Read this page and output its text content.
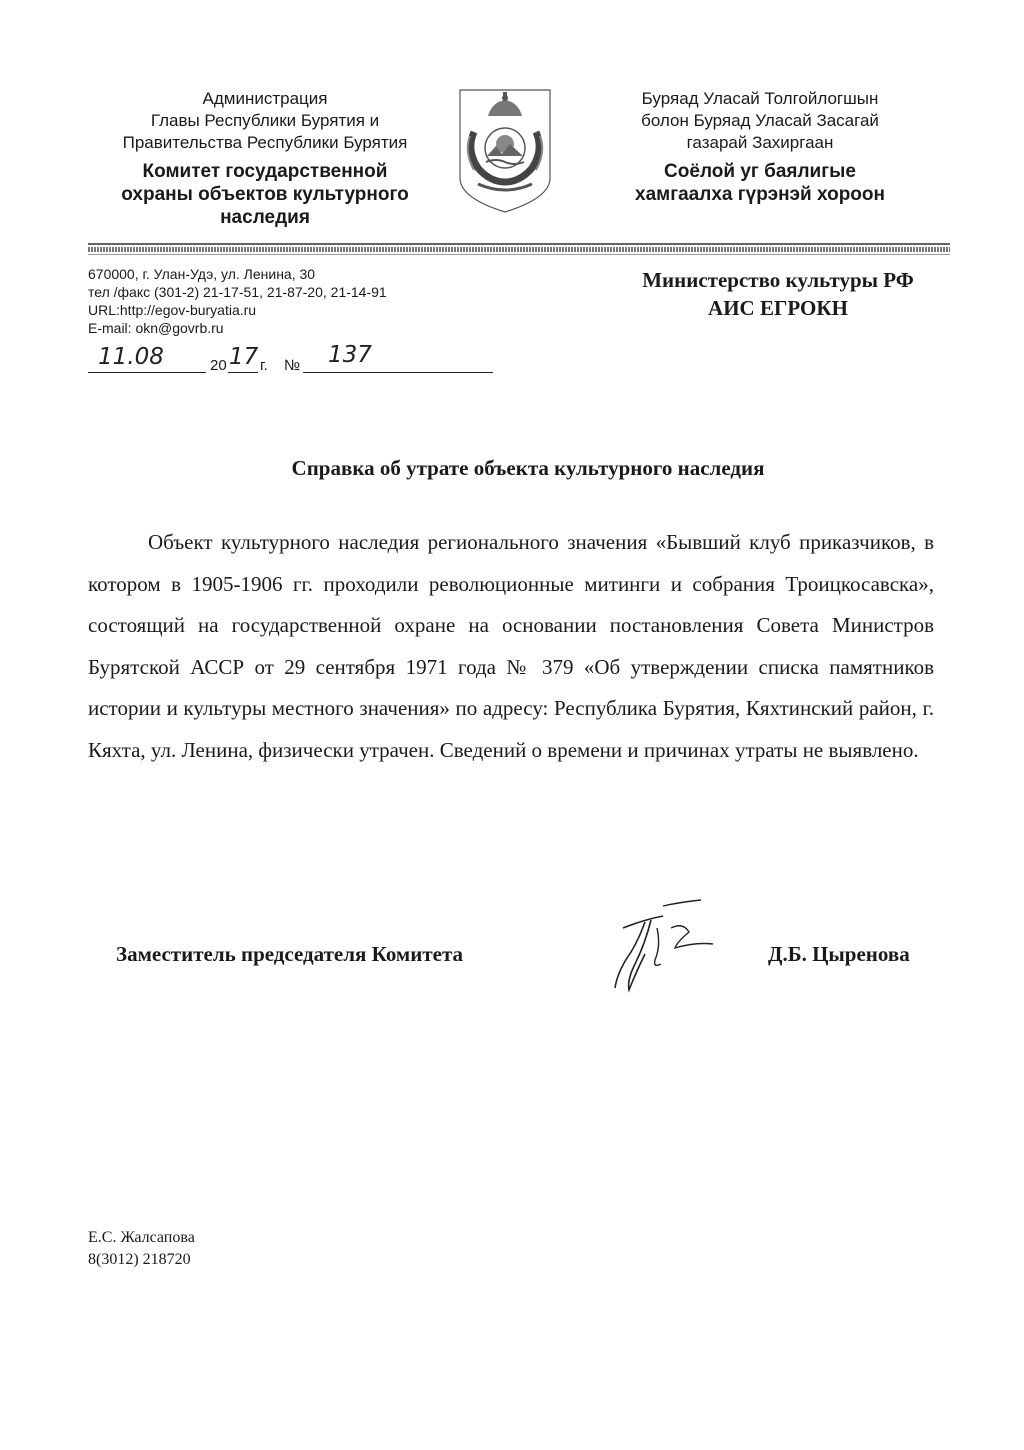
Администрация
Главы Республики Бурятия и
Правительства Республики Бурятия
Комитет государственной
охраны объектов культурного
наследия
Буряад Уласай Толгойлогшын
болон Буряад Уласай Засагай
газарай Захиргаан
Соёлой уг баялигые
хамгаалха гүрэнэй хороон
670000, г. Улан-Удэ, ул. Ленина, 30
тел /факс (301-2) 21-17-51, 21-87-20, 21-14-91
URL:http://egov-buryatia.ru
E-mail: okn@govrb.ru
Министерство культуры РФ
АИС ЕГРОКН
11.08	20 17 г. № 137
Справка об утрате объекта культурного наследия
Объект культурного наследия регионального значения «Бывший клуб приказчиков, в котором в 1905-1906 гг. проходили революционные митинги и собрания Троицкосавска», состоящий на государственной охране на основании постановления Совета Министров Бурятской АССР от 29 сентября 1971 года № 379 «Об утверждении списка памятников истории и культуры местного значения» по адресу: Республика Бурятия, Кяхтинский район, г. Кяхта, ул. Ленина, физически утрачен. Сведений о времени и причинах утраты не выявлено.
Заместитель председателя Комитета	Д.Б. Цыренова
Е.С. Жалсапова
8(3012) 218720
